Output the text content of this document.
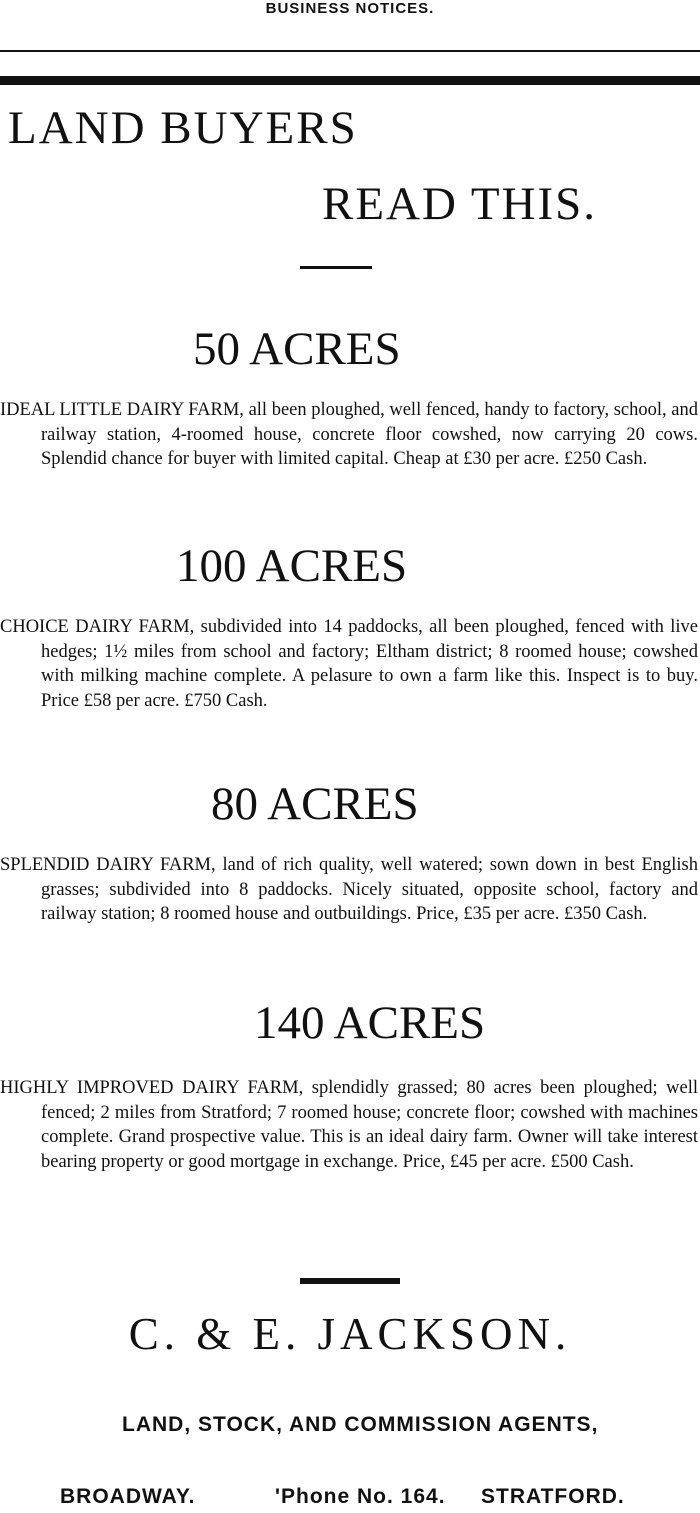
BUSINESS NOTICES.
LAND BUYERS
READ THIS.
50 ACRES

IDEAL LITTLE DAIRY FARM, all been ploughed, well fenced, handy to factory, school, and railway station, 4-roomed house, concrete floor cowshed, now carrying 20 cows. Splendid chance for buyer with limited capital. Cheap at £30 per acre. £250 Cash.

100 ACRES

CHOICE DAIRY FARM, subdivided into 14 paddocks, all been ploughed, fenced with live hedges; 1½ miles from school and factory; Eltham district; 8 roomed house; cowshed with milking machine complete. A pelasure to own a farm like this. Inspect is to buy. Price £58 per acre. £750 Cash.

80 ACRES

SPLENDID DAIRY FARM, land of rich quality, well watered; sown down in best English grasses; subdivided into 8 paddocks. Nicely situated, opposite school, factory and railway station; 8 roomed house and outbuildings. Price, £35 per acre. £350 Cash.

140 ACRES

HIGHLY IMPROVED DAIRY FARM, splendidly grassed; 80 acres been ploughed; well fenced; 2 miles from Stratford; 7 roomed house; concrete floor; cowshed with machines complete. Grand prospective value. This is an ideal dairy farm. Owner will take interest bearing property or good mortgage in exchange. Price, £45 per acre. £500 Cash.

C. & E. JACKSON.
LAND, STOCK, AND COMMISSION AGENTS,
BROADWAY.	'Phone No. 164. STRATFORD.
